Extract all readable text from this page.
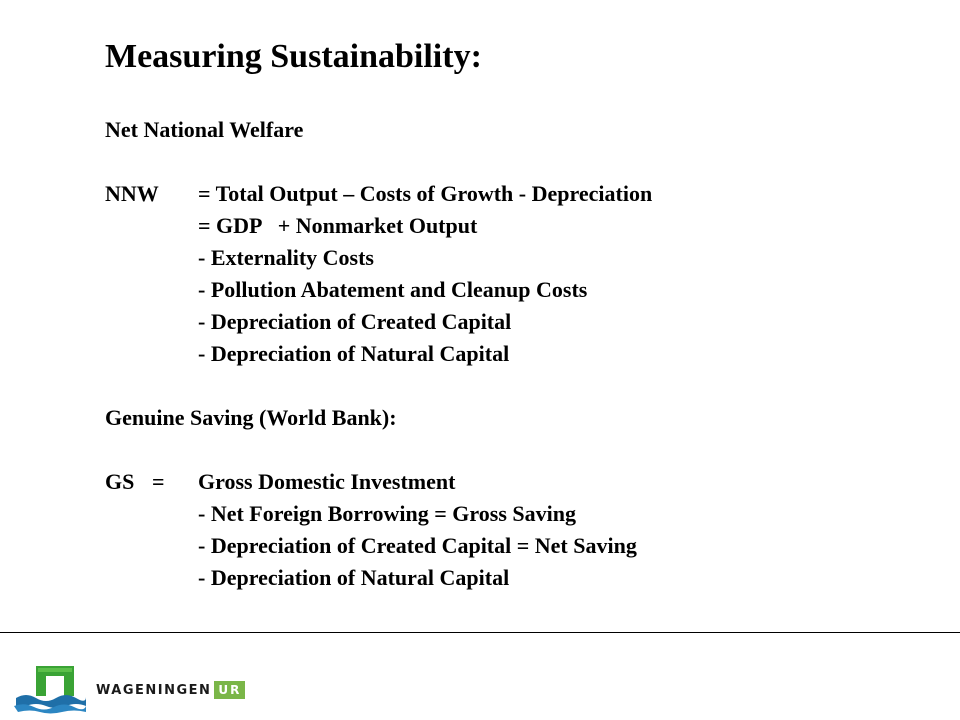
Measuring Sustainability:
Net National Welfare
NNW = Total Output – Costs of Growth - Depreciation
= GDP   + Nonmarket Output
- Externality Costs
- Pollution Abatement and Cleanup Costs
- Depreciation of Created Capital
- Depreciation of Natural Capital
Genuine Saving (World Bank):
GS = Gross Domestic Investment
- Net Foreign Borrowing = Gross Saving
- Depreciation of Created Capital = Net Saving
- Depreciation of Natural Capital
WAGENINGEN UR
